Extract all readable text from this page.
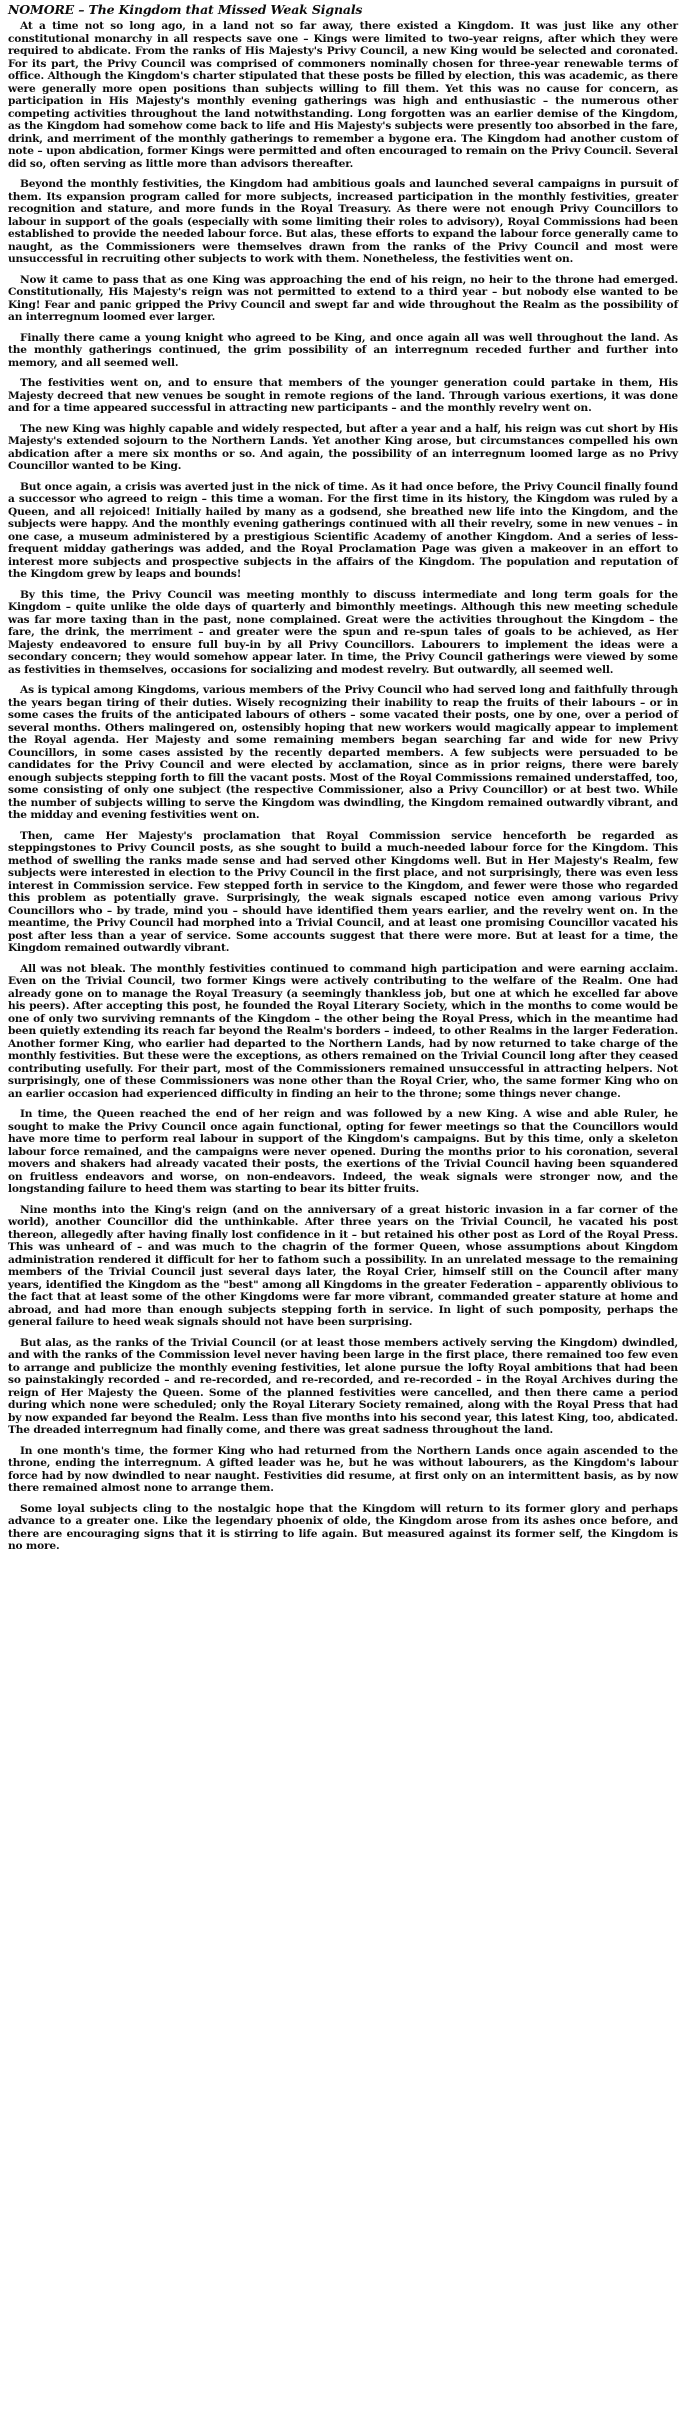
NOMORE – The Kingdom that Missed Weak Signals

At a time not so long ago, in a land not so far away, there existed a Kingdom. It was just like any other constitutional monarchy in all respects save one – Kings were limited to two-year reigns, after which they were required to abdicate. From the ranks of His Majesty's Privy Council, a new King would be selected and coronated. For its part, the Privy Council was comprised of commoners nominally chosen for three-year renewable terms of office. Although the Kingdom's charter stipulated that these posts be filled by election, this was academic, as there were generally more open positions than subjects willing to fill them. Yet this was no cause for concern, as participation in His Majesty's monthly evening gatherings was high and enthusiastic – the numerous other competing activities throughout the land notwithstanding. Long forgotten was an earlier demise of the Kingdom, as the Kingdom had somehow come back to life and His Majesty's subjects were presently too absorbed in the fare, drink, and merriment of the monthly gatherings to remember a bygone era. The Kingdom had another custom of note – upon abdication, former Kings were permitted and often encouraged to remain on the Privy Council. Several did so, often serving as little more than advisors thereafter.

Beyond the monthly festivities, the Kingdom had ambitious goals and launched several campaigns in pursuit of them. Its expansion program called for more subjects, increased participation in the monthly festivities, greater recognition and stature, and more funds in the Royal Treasury. As there were not enough Privy Councillors to labour in support of the goals (especially with some limiting their roles to advisory), Royal Commissions had been established to provide the needed labour force. But alas, these efforts to expand the labour force generally came to naught, as the Commissioners were themselves drawn from the ranks of the Privy Council and most were unsuccessful in recruiting other subjects to work with them. Nonetheless, the festivities went on.

Now it came to pass that as one King was approaching the end of his reign, no heir to the throne had emerged. Constitutionally, His Majesty's reign was not permitted to extend to a third year – but nobody else wanted to be King! Fear and panic gripped the Privy Council and swept far and wide throughout the Realm as the possibility of an interregnum loomed ever larger.

Finally there came a young knight who agreed to be King, and once again all was well throughout the land. As the monthly gatherings continued, the grim possibility of an interregnum receded further and further into memory, and all seemed well.

The festivities went on, and to ensure that members of the younger generation could partake in them, His Majesty decreed that new venues be sought in remote regions of the land. Through various exertions, it was done and for a time appeared successful in attracting new participants – and the monthly revelry went on.

The new King was highly capable and widely respected, but after a year and a half, his reign was cut short by His Majesty's extended sojourn to the Northern Lands. Yet another King arose, but circumstances compelled his own abdication after a mere six months or so. And again, the possibility of an interregnum loomed large as no Privy Councillor wanted to be King.

But once again, a crisis was averted just in the nick of time. As it had once before, the Privy Council finally found a successor who agreed to reign – this time a woman. For the first time in its history, the Kingdom was ruled by a Queen, and all rejoiced! Initially hailed by many as a godsend, she breathed new life into the Kingdom, and the subjects were happy. And the monthly evening gatherings continued with all their revelry, some in new venues – in one case, a museum administered by a prestigious Scientific Academy of another Kingdom. And a series of less-frequent midday gatherings was added, and the Royal Proclamation Page was given a makeover in an effort to interest more subjects and prospective subjects in the affairs of the Kingdom. The population and reputation of the Kingdom grew by leaps and bounds!

By this time, the Privy Council was meeting monthly to discuss intermediate and long term goals for the Kingdom – quite unlike the olde days of quarterly and bimonthly meetings. Although this new meeting schedule was far more taxing than in the past, none complained. Great were the activities throughout the Kingdom – the fare, the drink, the merriment – and greater were the spun and re-spun tales of goals to be achieved, as Her Majesty endeavored to ensure full buy-in by all Privy Councillors. Labourers to implement the ideas were a secondary concern; they would somehow appear later. In time, the Privy Council gatherings were viewed by some as festivities in themselves, occasions for socializing and modest revelry. But outwardly, all seemed well.

As is typical among Kingdoms, various members of the Privy Council who had served long and faithfully through the years began tiring of their duties. Wisely recognizing their inability to reap the fruits of their labours – or in some cases the fruits of the anticipated labours of others – some vacated their posts, one by one, over a period of several months. Others malingered on, ostensibly hoping that new workers would magically appear to implement the Royal agenda. Her Majesty and some remaining members began searching far and wide for new Privy Councillors, in some cases assisted by the recently departed members. A few subjects were persuaded to be candidates for the Privy Council and were elected by acclamation, since as in prior reigns, there were barely enough subjects stepping forth to fill the vacant posts. Most of the Royal Commissions remained understaffed, too, some consisting of only one subject (the respective Commissioner, also a Privy Councillor) or at best two. While the number of subjects willing to serve the Kingdom was dwindling, the Kingdom remained outwardly vibrant, and the midday and evening festivities went on.

Then, came Her Majesty's proclamation that Royal Commission service henceforth be regarded as steppingstones to Privy Council posts, as she sought to build a much-needed labour force for the Kingdom. This method of swelling the ranks made sense and had served other Kingdoms well. But in Her Majesty's Realm, few subjects were interested in election to the Privy Council in the first place, and not surprisingly, there was even less interest in Commission service. Few stepped forth in service to the Kingdom, and fewer were those who regarded this problem as potentially grave. Surprisingly, the weak signals escaped notice even among various Privy Councillors who – by trade, mind you – should have identified them years earlier, and the revelry went on. In the meantime, the Privy Council had morphed into a Trivial Council, and at least one promising Councillor vacated his post after less than a year of service. Some accounts suggest that there were more. But at least for a time, the Kingdom remained outwardly vibrant.

All was not bleak. The monthly festivities continued to command high participation and were earning acclaim. Even on the Trivial Council, two former Kings were actively contributing to the welfare of the Realm. One had already gone on to manage the Royal Treasury (a seemingly thankless job, but one at which he excelled far above his peers). After accepting this post, he founded the Royal Literary Society, which in the months to come would be one of only two surviving remnants of the Kingdom – the other being the Royal Press, which in the meantime had been quietly extending its reach far beyond the Realm's borders – indeed, to other Realms in the larger Federation. Another former King, who earlier had departed to the Northern Lands, had by now returned to take charge of the monthly festivities. But these were the exceptions, as others remained on the Trivial Council long after they ceased contributing usefully. For their part, most of the Commissioners remained unsuccessful in attracting helpers. Not surprisingly, one of these Commissioners was none other than the Royal Crier, who, the same former King who on an earlier occasion had experienced difficulty in finding an heir to the throne; some things never change.

In time, the Queen reached the end of her reign and was followed by a new King. A wise and able Ruler, he sought to make the Privy Council once again functional, opting for fewer meetings so that the Councillors would have more time to perform real labour in support of the Kingdom's campaigns. But by this time, only a skeleton labour force remained, and the campaigns were never opened. During the months prior to his coronation, several movers and shakers had already vacated their posts, the exertions of the Trivial Council having been squandered on fruitless endeavors and worse, on non-endeavors. Indeed, the weak signals were stronger now, and the longstanding failure to heed them was starting to bear its bitter fruits.

Nine months into the King's reign (and on the anniversary of a great historic invasion in a far corner of the world), another Councillor did the unthinkable. After three years on the Trivial Council, he vacated his post thereon, allegedly after having finally lost confidence in it – but retained his other post as Lord of the Royal Press. This was unheard of – and was much to the chagrin of the former Queen, whose assumptions about Kingdom administration rendered it difficult for her to fathom such a possibility. In an unrelated message to the remaining members of the Trivial Council just several days later, the Royal Crier, himself still on the Council after many years, identified the Kingdom as the "best" among all Kingdoms in the greater Federation – apparently oblivious to the fact that at least some of the other Kingdoms were far more vibrant, commanded greater stature at home and abroad, and had more than enough subjects stepping forth in service. In light of such pomposity, perhaps the general failure to heed weak signals should not have been surprising.

But alas, as the ranks of the Trivial Council (or at least those members actively serving the Kingdom) dwindled, and with the ranks of the Commission level never having been large in the first place, there remained too few even to arrange and publicize the monthly evening festivities, let alone pursue the lofty Royal ambitions that had been so painstakingly recorded – and re-recorded, and re-recorded, and re-recorded – in the Royal Archives during the reign of Her Majesty the Queen. Some of the planned festivities were cancelled, and then there came a period during which none were scheduled; only the Royal Literary Society remained, along with the Royal Press that had by now expanded far beyond the Realm. Less than five months into his second year, this latest King, too, abdicated. The dreaded interregnum had finally come, and there was great sadness throughout the land.

In one month's time, the former King who had returned from the Northern Lands once again ascended to the throne, ending the interregnum. A gifted leader was he, but he was without labourers, as the Kingdom's labour force had by now dwindled to near naught. Festivities did resume, at first only on an intermittent basis, as by now there remained almost none to arrange them.

Some loyal subjects cling to the nostalgic hope that the Kingdom will return to its former glory and perhaps advance to a greater one. Like the legendary phoenix of olde, the Kingdom arose from its ashes once before, and there are encouraging signs that it is stirring to life again. But measured against its former self, the Kingdom is no more.
